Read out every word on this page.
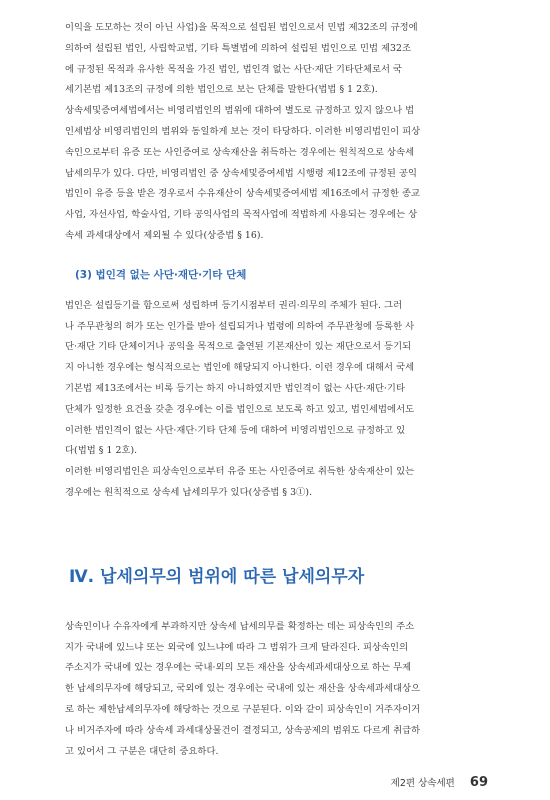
이익을 도모하는 것이 아닌 사업)을 목적으로 설립된 법인으로서 민법 제32조의 규정에

의하여 설립된 법인, 사립학교법, 기타 특별법에 의하여 설립된 법인으로 민법 제32조

에 규정된 목적과 유사한 목적을 가진 법인, 법인격 없는 사단·재단 기타단체로서 국

세기본법 제13조의 규정에 의한 법인으로 보는 단체를 말한다(법법 § 1 2호).

상속세및증여세법에서는 비영리법인의 범위에 대하여 별도로 규정하고 있지 않으나 법

인세법상 비영리법인의 범위와 동일하게 보는 것이 타당하다. 이러한 비영리법인이 피상

속인으로부터 유증 또는 사인증여로 상속재산을 취득하는 경우에는 원칙적으로 상속세

납세의무가 있다. 다만, 비영리법인 중 상속세및증여세법 시행령 제12조에 규정된 공익

법인이 유증 등을 받은 경우로서 수유재산이 상속세및증여세법 제16조에서 규정한 종교

사업, 자선사업, 학술사업, 기타 공익사업의 목적사업에 적법하게 사용되는 경우에는 상

속세 과세대상에서 제외될 수 있다(상증법 § 16).

(3) 법인격 없는 사단·재단·기타 단체

법인은 설립등기를 함으로써 성립하며 등기시점부터 권리·의무의 주체가 된다. 그러

나 주무관청의 허가 또는 인가를 받아 설립되거나 법령에 의하여 주무관청에 등록한 사

단·재단 기타 단체이거나 공익을 목적으로 출연된 기본재산이 있는 재단으로서 등기되

지 아니한 경우에는 형식적으로는 법인에 해당되지 아니한다. 이런 경우에 대해서 국세

기본법 제13조에서는 비록 등기는 하지 아니하였지만 법인격이 없는 사단·재단·기타

단체가 일정한 요건을 갖춘 경우에는 이를 법인으로 보도록 하고 있고, 법인세법에서도

이러한 법인격이 없는 사단·재단·기타 단체 등에 대하여 비영리법인으로 규정하고 있

다(법법 § 1 2호).

이러한 비영리법인은 피상속인으로부터 유증 또는 사인증여로 취득한 상속재산이 있는

경우에는 원칙적으로 상속세 납세의무가 있다(상증법 § 3①).

Ⅳ. 납세의무의 범위에 따른 납세의무자

상속인이나 수유자에게 부과하지만 상속세 납세의무를 확정하는 데는 피상속인의 주소

지가 국내에 있느냐 또는 외국에 있느냐에 따라 그 범위가 크게 달라진다. 피상속인의

주소지가 국내에 있는 경우에는 국내·외의 모든 재산을 상속세과세대상으로 하는 무제

한 납세의무자에 해당되고, 국외에 있는 경우에는 국내에 있는 재산을 상속세과세대상으

로 하는 제한납세의무자에 해당하는 것으로 구분된다. 이와 같이 피상속인이 거주자이거

나 비거주자에 따라 상속세 과세대상물건이 결정되고, 상속공제의 범위도 다르게 취급하

고 있어서 그 구분은 대단히 중요하다.

제2편 상속세편 69
